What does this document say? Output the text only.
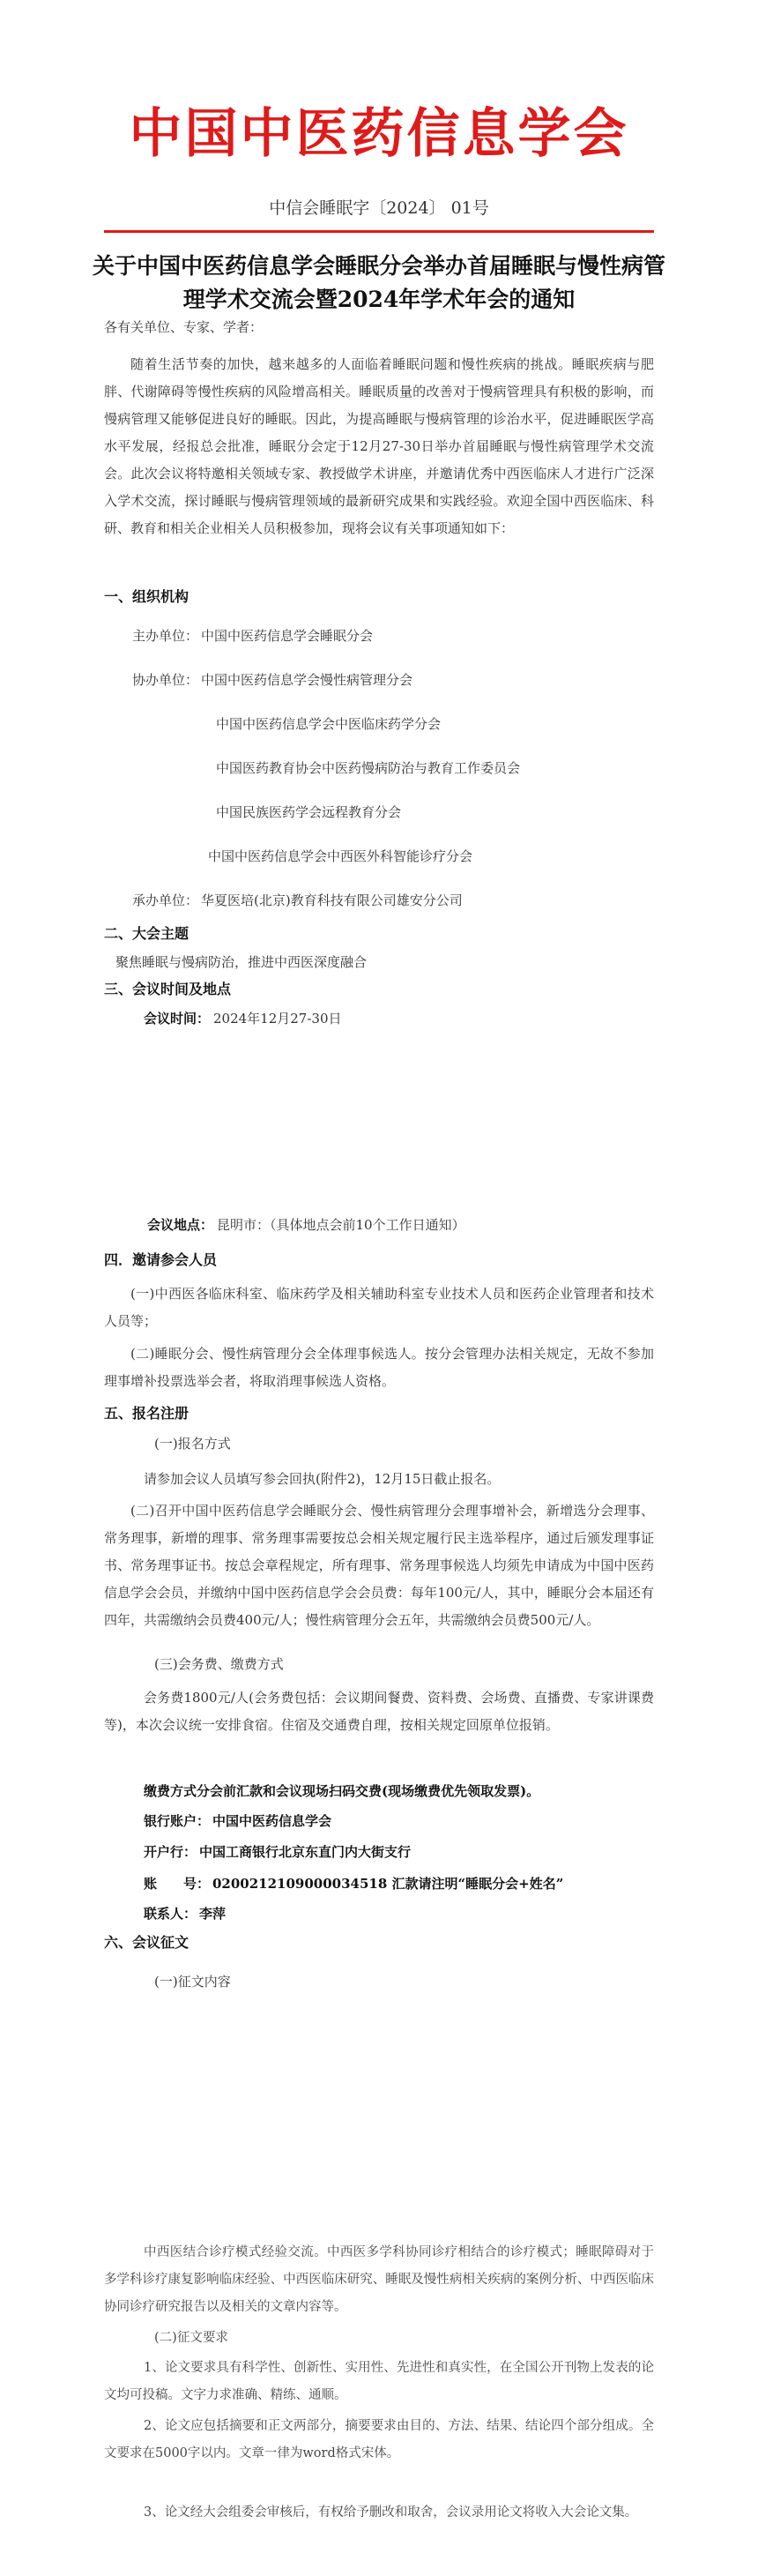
中国中医药信息学会
中信会睡眠字〔2024〕 01号
关于中国中医药信息学会睡眠分会举办首届睡眠与慢性病管理学术交流会暨2024年学术年会的通知
各有关单位、专家、学者：
随着生活节奏的加快，越来越多的人面临着睡眠问题和慢性疾病的挑战。睡眠疾病与肥胖、代谢障碍等慢性疾病的风险增高相关。睡眠质量的改善对于慢病管理具有积极的影响，而慢病管理又能够促进良好的睡眠。因此，为提高睡眠与慢病管理的诊治水平，促进睡眠医学高水平发展，经报总会批准，睡眠分会定于12月27-30日举办首届睡眠与慢性病管理学术交流会。此次会议将特邀相关领域专家、教授做学术讲座，并邀请优秀中西医临床人才进行广泛深入学术交流，探讨睡眠与慢病管理领域的最新研究成果和实践经验。欢迎全国中西医临床、科研、教育和相关企业相关人员积极参加，现将会议有关事项通知如下：
一、组织机构
主办单位： 中国中医药信息学会睡眠分会
协办单位： 中国中医药信息学会慢性病管理分会
中国中医药信息学会中医临床药学分会
中国医药教育协会中医药慢病防治与教育工作委员会
中国民族医药学会远程教育分会
中国中医药信息学会中西医外科智能诊疗分会
承办单位： 华夏医培(北京)教育科技有限公司雄安分公司
二、大会主题
聚焦睡眠与慢病防治，推进中西医深度融合
三、会议时间及地点
会议时间： 2024年12月27-30日
会议地点： 昆明市：（具体地点会前10个工作日通知）
四．邀请参会人员
(一)中西医各临床科室、临床药学及相关辅助科室专业技术人员和医药企业管理者和技术人员等；
(二)睡眠分会、慢性病管理分会全体理事候选人。按分会管理办法相关规定，无故不参加理事增补投票选举会者，将取消理事候选人资格。
五、报名注册
(一)报名方式
请参加会议人员填写参会回执(附件2)，12月15日截止报名。
(二)召开中国中医药信息学会睡眠分会、慢性病管理分会理事增补会，新增选分会理事、常务理事，新增的理事、常务理事需要按总会相关规定履行民主选举程序，通过后颁发理事证书、常务理事证书。按总会章程规定，所有理事、常务理事候选人均须先申请成为中国中医药信息学会会员，并缴纳中国中医药信息学会会员费：每年100元/人，其中，睡眠分会本届还有四年，共需缴纳会员费400元/人；慢性病管理分会五年，共需缴纳会员费500元/人。
(三)会务费、缴费方式
会务费1800元/人(会务费包括：会议期间餐费、资料费、会场费、直播费、专家讲课费等)，本次会议统一安排食宿。住宿及交通费自理，按相关规定回原单位报销。
缴费方式分会前汇款和会议现场扫码交费(现场缴费优先领取发票)。
银行账户： 中国中医药信息学会
开户行： 中国工商银行北京东直门内大街支行
账　　号： 0200212109000034518 汇款请注明“睡眠分会+姓名”
联系人： 李萍
六、会议征文
(一)征文内容
中西医结合诊疗模式经验交流。中西医多学科协同诊疗相结合的诊疗模式；睡眠障碍对于多学科诊疗康复影响临床经验、中西医临床研究、睡眠及慢性病相关疾病的案例分析、中西医临床协同诊疗研究报告以及相关的文章内容等。
(二)征文要求
1、论文要求具有科学性、创新性、实用性、先进性和真实性，在全国公开刊物上发表的论文均可投稿。文字力求准确、精练、通顺。
2、论文应包括摘要和正文两部分，摘要要求由目的、方法、结果、结论四个部分组成。全文要求在5000字以内。文章一律为word格式宋体。
3、论文经大会组委会审核后，有权给予删改和取舍，会议录用论文将收入大会论文集。
